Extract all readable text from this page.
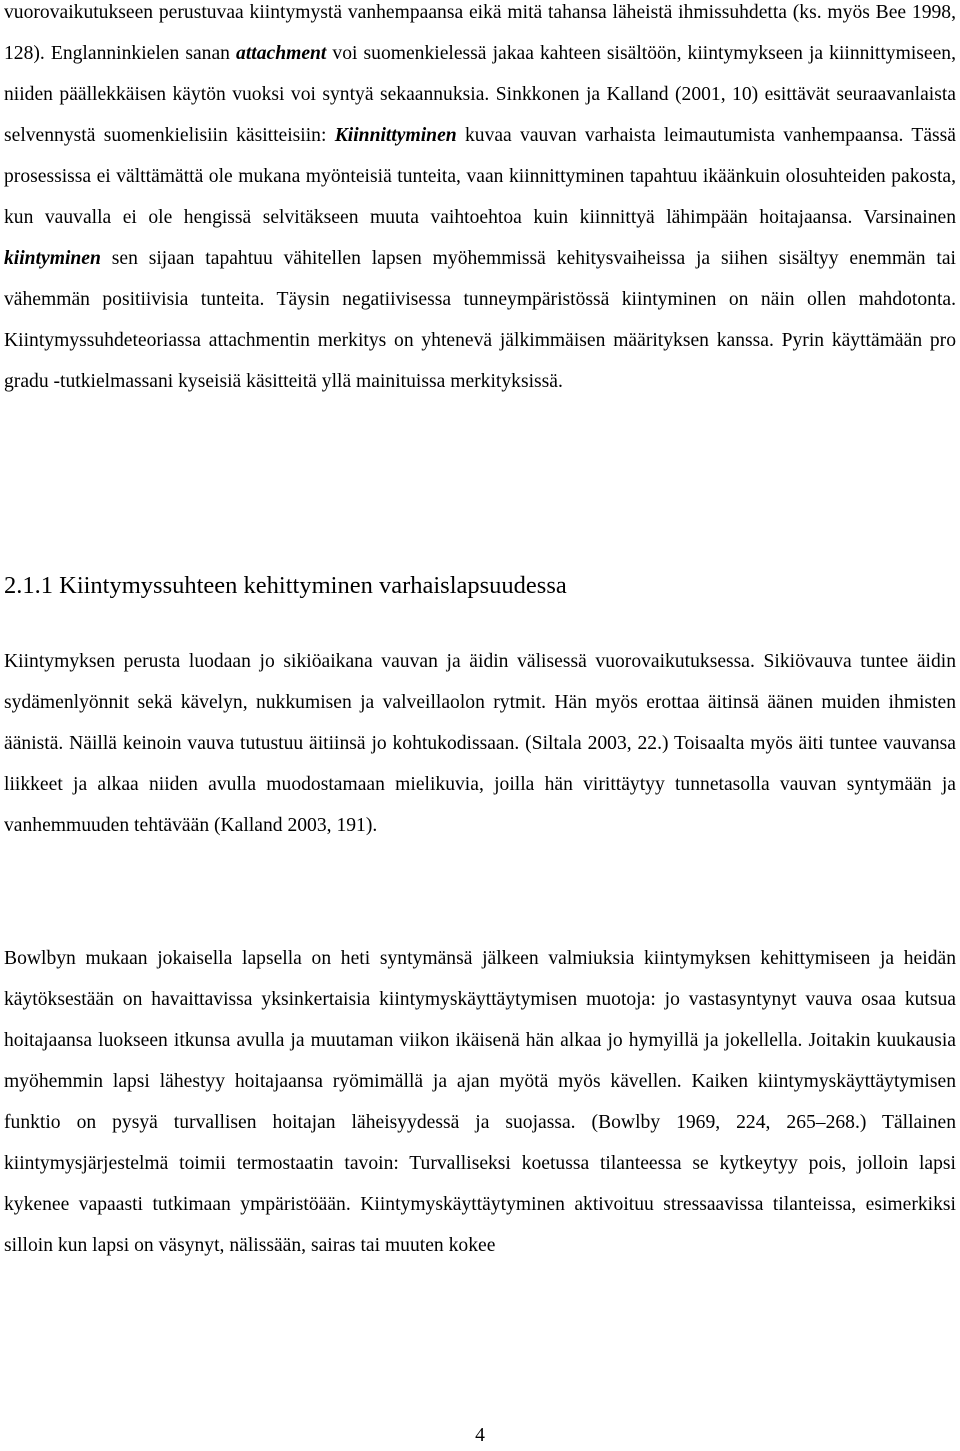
vuorovaikutukseen perustuvaa kiintymystä vanhempaansa eikä mitä tahansa läheistä ihmissuhdetta (ks. myös Bee 1998, 128). Englanninkielen sanan attachment voi suomenkielessä jakaa kahteen sisältöön, kiintymykseen ja kiinnittymiseen, niiden päällekkäisen käytön vuoksi voi syntyä sekaannuksia. Sinkkonen ja Kalland (2001, 10) esittävät seuraavanlaista selvennystä suomenkielisiin käsitteisiin: Kiinnittyminen kuvaa vauvan varhaista leimautumista vanhempaansa. Tässä prosessissa ei välttämättä ole mukana myönteisiä tunteita, vaan kiinnittyminen tapahtuu ikäänkuin olosuhteiden pakosta, kun vauvalla ei ole hengissä selvitäkseen muuta vaihtoehtoa kuin kiinnittyä lähimpään hoitajaansa. Varsinainen kiintyminen sen sijaan tapahtuu vähitellen lapsen myöhemmissä kehitysvaiheissa ja siihen sisältyy enemmän tai vähemmän positiivisia tunteita. Täysin negatiivisessa tunneympäristössä kiintyminen on näin ollen mahdotonta. Kiintymyssuhdeteoriassa attachmentin merkitys on yhtenevä jälkimmäisen määrityksen kanssa. Pyrin käyttämään pro gradu -tutkielmassani kyseisiä käsitteitä yllä mainituissa merkityksissä.

2.1.1 Kiintymyssuhteen kehittyminen varhaislapsuudessa

Kiintymyksen perusta luodaan jo sikiöaikana vauvan ja äidin välisessä vuorovaikutuksessa. Sikiövauva tuntee äidin sydämenlyönnit sekä kävelyn, nukkumisen ja valveillaolon rytmit. Hän myös erottaa äitinsä äänen muiden ihmisten äänistä. Näillä keinoin vauva tutustuu äitiinsä jo kohtukodissaan. (Siltala 2003, 22.) Toisaalta myös äiti tuntee vauvansa liikkeet ja alkaa niiden avulla muodostamaan mielikuvia, joilla hän virittäytyy tunnetasolla vauvan syntymään ja vanhemmuuden tehtävään (Kalland 2003, 191).

Bowlbyn mukaan jokaisella lapsella on heti syntymänsä jälkeen valmiuksia kiintymyksen kehittymiseen ja heidän käytöksestään on havaittavissa yksinkertaisia kiintymyskäyttäytymisen muotoja: jo vastasyntynyt vauva osaa kutsua hoitajaansa luokseen itkunsa avulla ja muutaman viikon ikäisenä hän alkaa jo hymyillä ja jokellella. Joitakin kuukausia myöhemmin lapsi lähestyy hoitajaansa ryömimällä ja ajan myötä myös kävellen. Kaiken kiintymyskäyttäytymisen funktio on pysyä turvallisen hoitajan läheisyydessä ja suojassa. (Bowlby 1969, 224, 265–268.) Tällainen kiintymysjärjestelmä toimii termostaatin tavoin: Turvalliseksi koetussa tilanteessa se kytkeytyy pois, jolloin lapsi kykenee vapaasti tutkimaan ympäristöään. Kiintymyskäyttäytyminen aktivoituu stressaavissa tilanteissa, esimerkiksi silloin kun lapsi on väsynyt, nälissään, sairas tai muuten kokee

4
